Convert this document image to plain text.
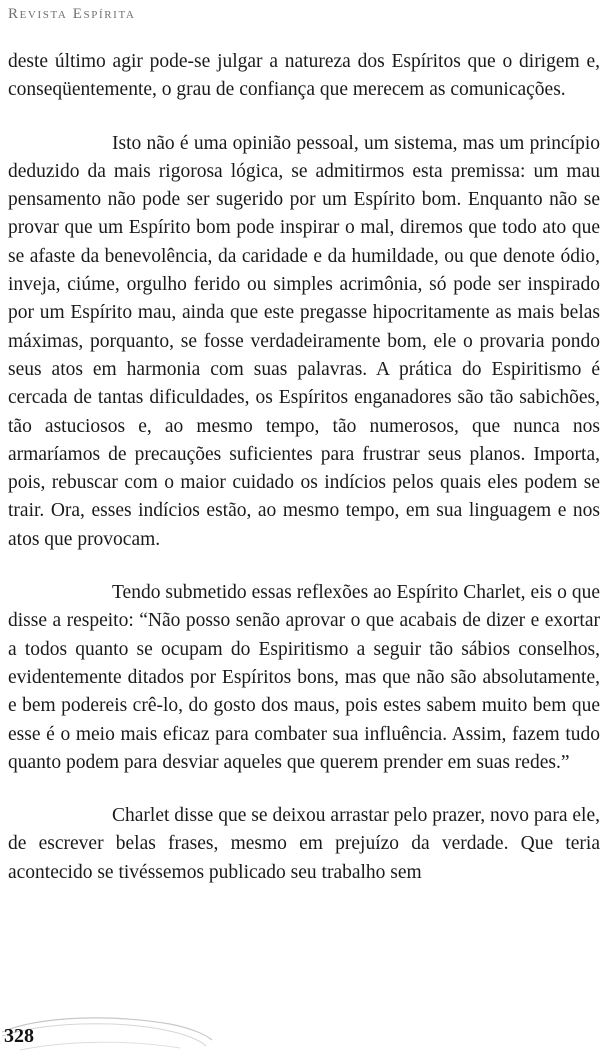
Revista Espírita

deste último agir pode-se julgar a natureza dos Espíritos que o dirigem e, conseqüentemente, o grau de confiança que merecem as comunicações.

Isto não é uma opinião pessoal, um sistema, mas um princípio deduzido da mais rigorosa lógica, se admitirmos esta premissa: um mau pensamento não pode ser sugerido por um Espírito bom. Enquanto não se provar que um Espírito bom pode inspirar o mal, diremos que todo ato que se afaste da benevolência, da caridade e da humildade, ou que denote ódio, inveja, ciúme, orgulho ferido ou simples acrimônia, só pode ser inspirado por um Espírito mau, ainda que este pregasse hipocritamente as mais belas máximas, porquanto, se fosse verdadeiramente bom, ele o provaria pondo seus atos em harmonia com suas palavras. A prática do Espiritismo é cercada de tantas dificuldades, os Espíritos enganadores são tão sabichões, tão astuciosos e, ao mesmo tempo, tão numerosos, que nunca nos armaríamos de precauções suficientes para frustrar seus planos. Importa, pois, rebuscar com o maior cuidado os indícios pelos quais eles podem se trair. Ora, esses indícios estão, ao mesmo tempo, em sua linguagem e nos atos que provocam.

Tendo submetido essas reflexões ao Espírito Charlet, eis o que disse a respeito: “Não posso senão aprovar o que acabais de dizer e exortar a todos quanto se ocupam do Espiritismo a seguir tão sábios conselhos, evidentemente ditados por Espíritos bons, mas que não são absolutamente, e bem podereis crê-lo, do gosto dos maus, pois estes sabem muito bem que esse é o meio mais eficaz para combater sua influência. Assim, fazem tudo quanto podem para desviar aqueles que querem prender em suas redes.”

Charlet disse que se deixou arrastar pelo prazer, novo para ele, de escrever belas frases, mesmo em prejuízo da verdade. Que teria acontecido se tivéssemos publicado seu trabalho sem

328
